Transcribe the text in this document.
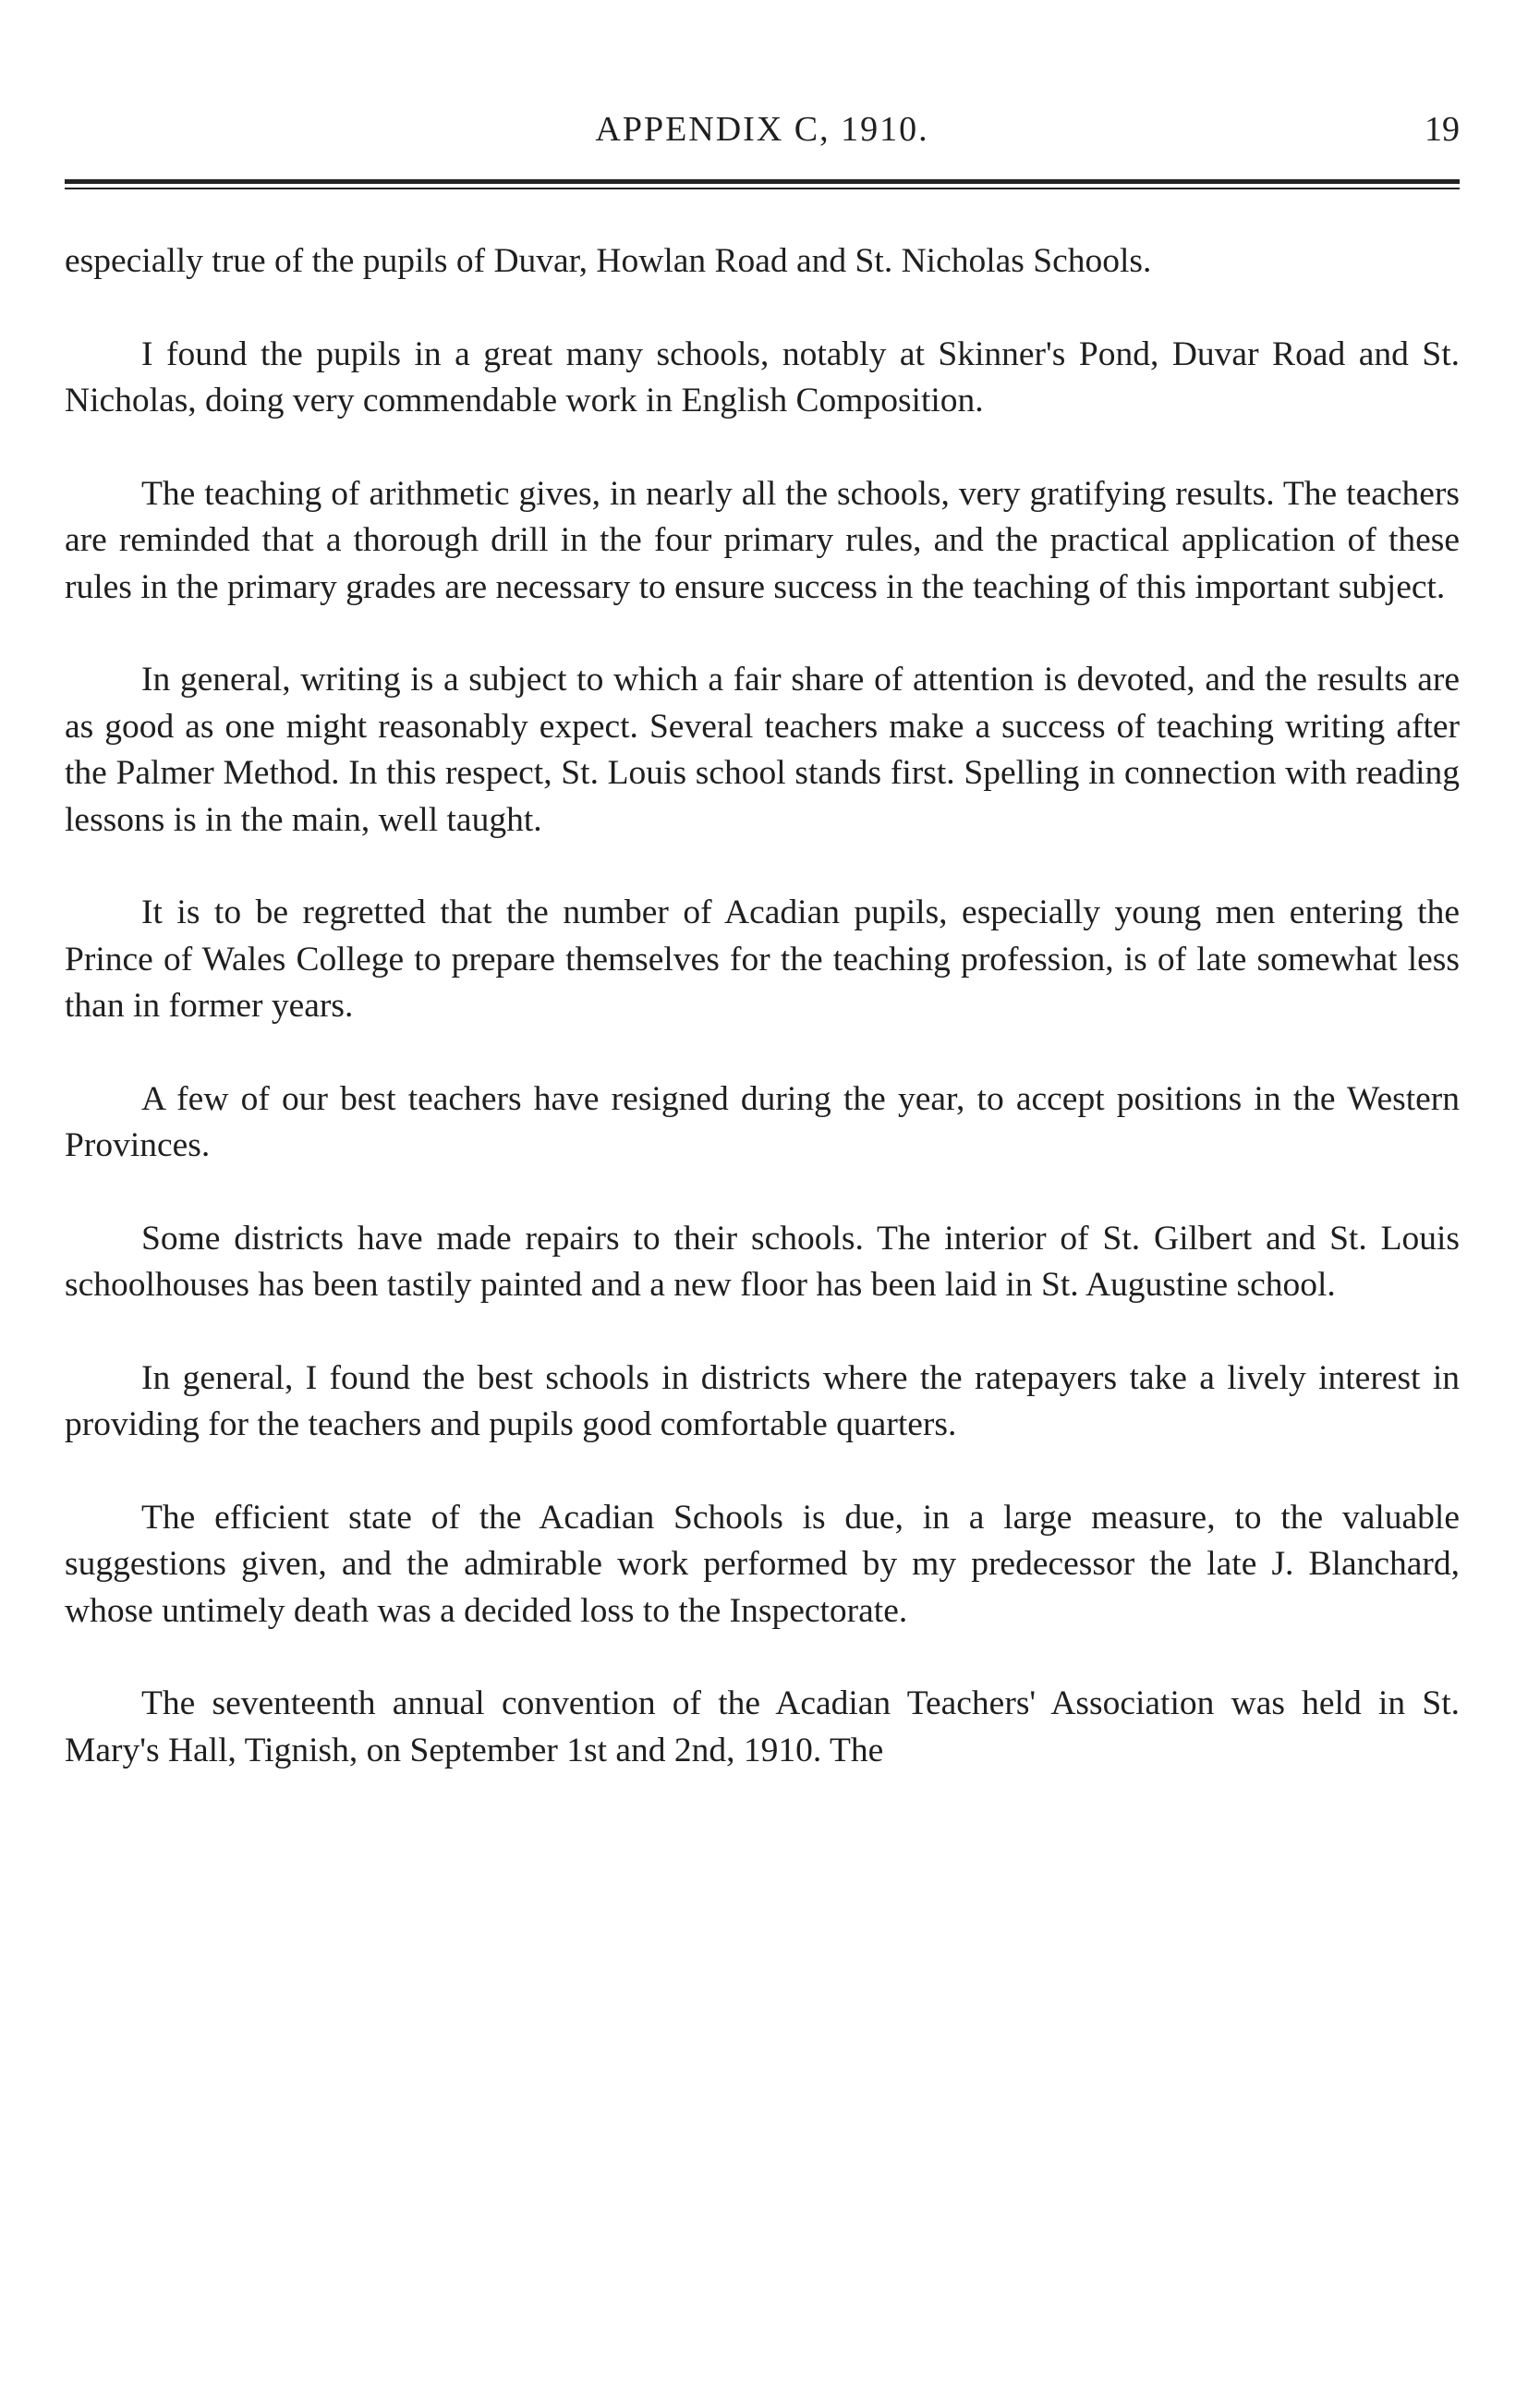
APPENDIX C, 1910.	19

especially true of the pupils of Duvar, Howlan Road and St. Nicholas Schools.

I found the pupils in a great many schools, notably at Skinner's Pond, Duvar Road and St. Nicholas, doing very commendable work in English Composition.

The teaching of arithmetic gives, in nearly all the schools, very gratifying results. The teachers are reminded that a thorough drill in the four primary rules, and the practical application of these rules in the primary grades are necessary to ensure success in the teaching of this important subject.

In general, writing is a subject to which a fair share of attention is devoted, and the results are as good as one might reasonably expect. Several teachers make a success of teaching writing after the Palmer Method. In this respect, St. Louis school stands first. Spelling in connection with reading lessons is in the main, well taught.

It is to be regretted that the number of Acadian pupils, especially young men entering the Prince of Wales College to prepare themselves for the teaching profession, is of late somewhat less than in former years.

A few of our best teachers have resigned during the year, to accept positions in the Western Provinces.

Some districts have made repairs to their schools. The interior of St. Gilbert and St. Louis schoolhouses has been tastily painted and a new floor has been laid in St. Augustine school.

In general, I found the best schools in districts where the ratepayers take a lively interest in providing for the teachers and pupils good comfortable quarters.

The efficient state of the Acadian Schools is due, in a large measure, to the valuable suggestions given, and the admirable work performed by my predecessor the late J. Blanchard, whose untimely death was a decided loss to the Inspectorate.

The seventeenth annual convention of the Acadian Teachers' Association was held in St. Mary's Hall, Tignish, on September 1st and 2nd, 1910. The
